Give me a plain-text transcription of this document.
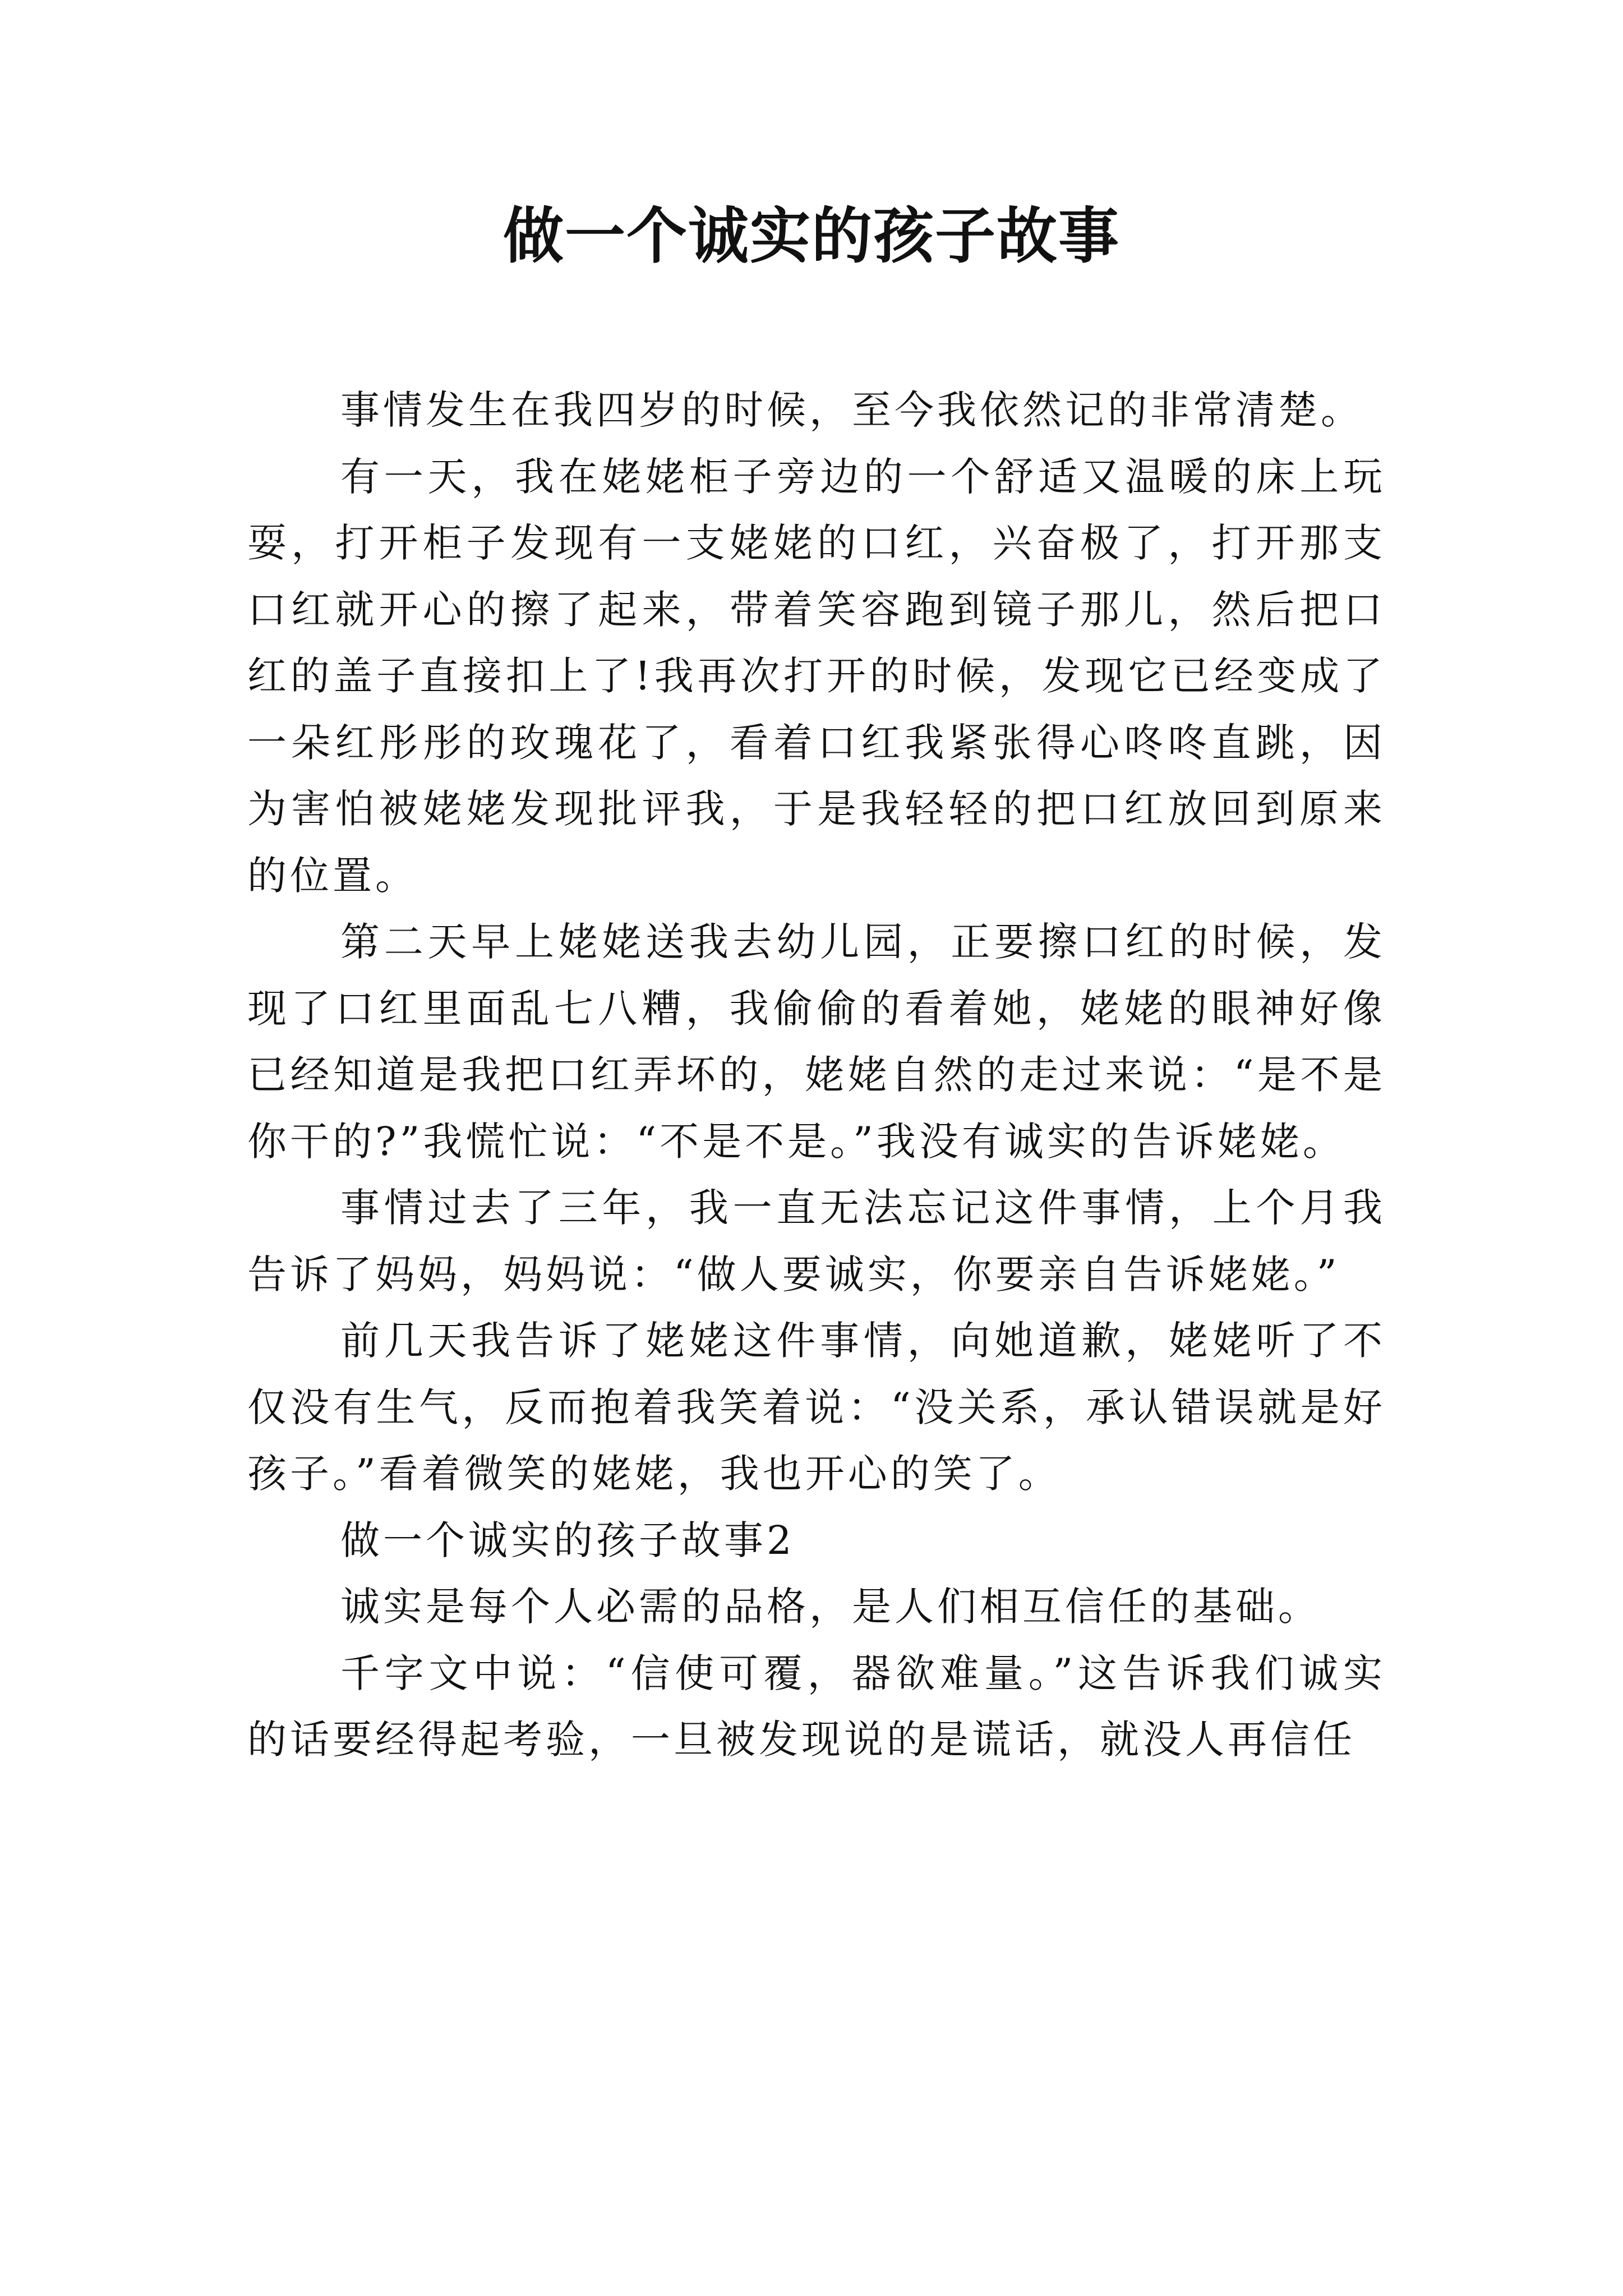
做一个诚实的孩子故事

事情发生在我四岁的时候，至今我依然记的非常清楚。

有一天，我在姥姥柜子旁边的一个舒适又温暖的床上玩耍，打开柜子发现有一支姥姥的口红，兴奋极了，打开那支口红就开心的擦了起来，带着笑容跑到镜子那儿，然后把口红的盖子直接扣上了!我再次打开的时候，发现它已经变成了一朵红彤彤的玫瑰花了，看着口红我紧张得心咚咚直跳，因为害怕被姥姥发现批评我，于是我轻轻的把口红放回到原来的位置。

第二天早上姥姥送我去幼儿园，正要擦口红的时候，发现了口红里面乱七八糟，我偷偷的看着她，姥姥的眼神好像已经知道是我把口红弄坏的，姥姥自然的走过来说：“是不是你干的?”我慌忙说：“不是不是。”我没有诚实的告诉姥姥。

事情过去了三年，我一直无法忘记这件事情，上个月我告诉了妈妈，妈妈说：“做人要诚实，你要亲自告诉姥姥。”

前几天我告诉了姥姥这件事情，向她道歉，姥姥听了不仅没有生气，反而抱着我笑着说：“没关系，承认错误就是好孩子。”看着微笑的姥姥，我也开心的笑了。

做一个诚实的孩子故事2

诚实是每个人必需的品格，是人们相互信任的基础。

千字文中说：“信使可覆，器欲难量。”这告诉我们诚实的话要经得起考验，一旦被发现说的是谎话，就没人再信任
